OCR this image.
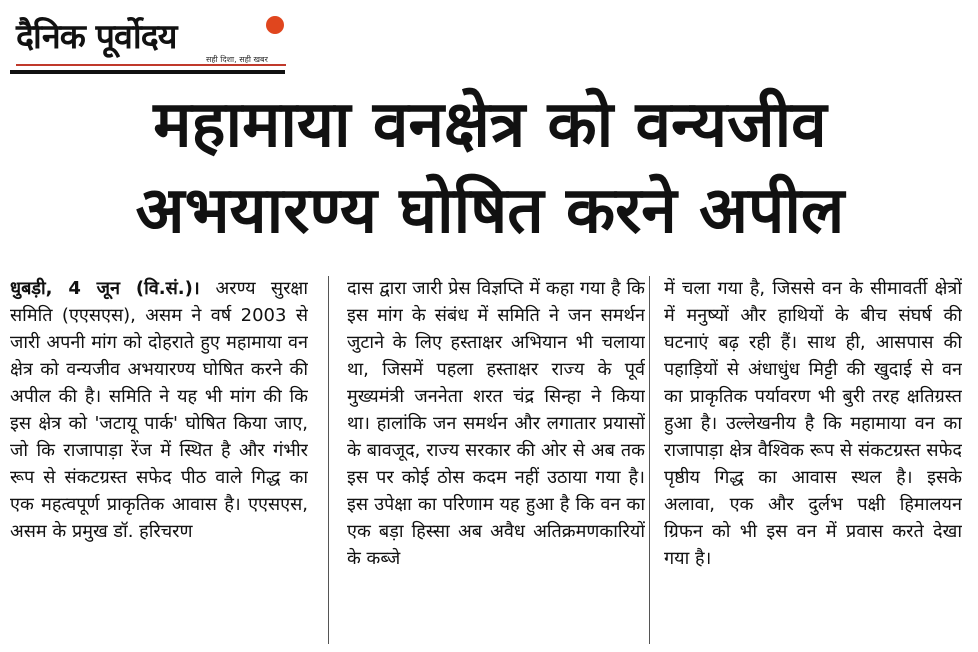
दैनिक पूर्वोदय
सही दिशा, सही खबर
महामाया वनक्षेत्र को वन्यजीव
अभयारण्य घोषित करने अपील
धुबड़ी, 4 जून (वि.सं.)। अरण्य सुरक्षा समिति (एएसएस), असम ने वर्ष 2003 से जारी अपनी मांग को दोहराते हुए महामाया वन क्षेत्र को वन्यजीव अभयारण्य घोषित करने की अपील की है। समिति ने यह भी मांग की कि इस क्षेत्र को 'जटायू पार्क' घोषित किया जाए, जो कि राजापाड़ा रेंज में स्थित है और गंभीर रूप से संकटग्रस्त सफेद पीठ वाले गिद्ध का एक महत्वपूर्ण प्राकृतिक आवास है। एएसएस, असम के प्रमुख डॉ. हरिचरण
दास द्वारा जारी प्रेस विज्ञप्ति में कहा गया है कि इस मांग के संबंध में समिति ने जन समर्थन जुटाने के लिए हस्ताक्षर अभियान भी चलाया था, जिसमें पहला हस्ताक्षर राज्य के पूर्व मुख्यमंत्री जननेता शरत चंद्र सिन्हा ने किया था। हालांकि जन समर्थन और लगातार प्रयासों के बावजूद, राज्य सरकार की ओर से अब तक इस पर कोई ठोस कदम नहीं उठाया गया है। इस उपेक्षा का परिणाम यह हुआ है कि वन का एक बड़ा हिस्सा अब अवैध अतिक्रमणकारियों के कब्जे
में चला गया है, जिससे वन के सीमावर्ती क्षेत्रों में मनुष्यों और हाथियों के बीच संघर्ष की घटनाएं बढ़ रही हैं। साथ ही, आसपास की पहाड़ियों से अंधाधुंध मिट्टी की खुदाई से वन का प्राकृतिक पर्यावरण भी बुरी तरह क्षतिग्रस्त हुआ है। उल्लेखनीय है कि महामाया वन का राजापाड़ा क्षेत्र वैश्विक रूप से संकटग्रस्त सफेद पृष्ठीय गिद्ध का आवास स्थल है। इसके अलावा, एक और दुर्लभ पक्षी हिमालयन ग्रिफन को भी इस वन में प्रवास करते देखा गया है।
